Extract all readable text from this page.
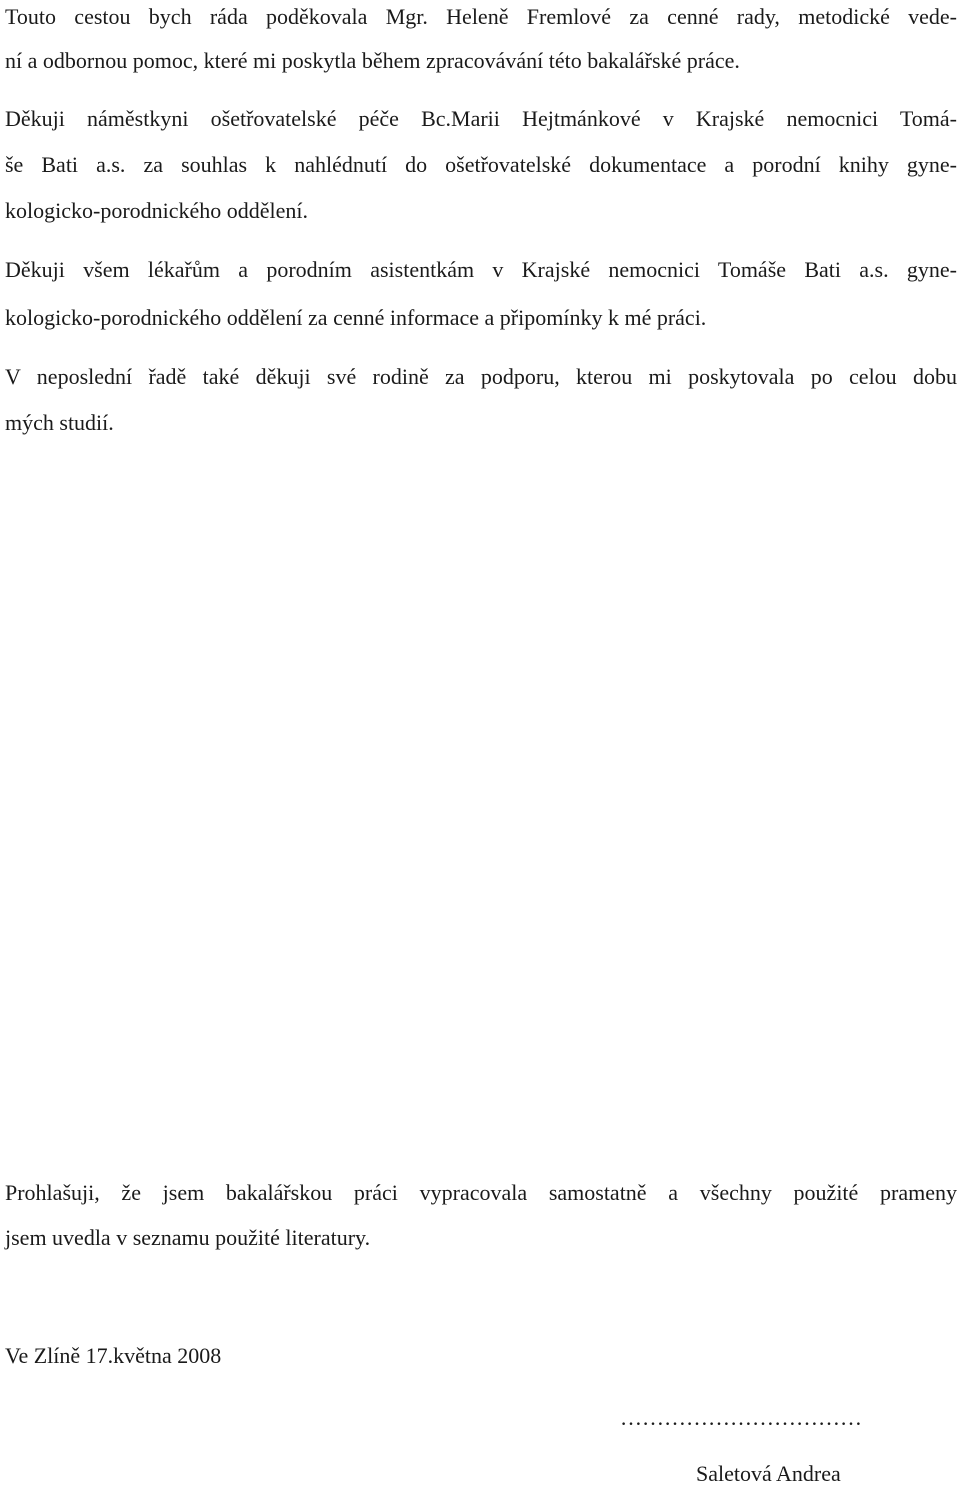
Touto cestou bych ráda poděkovala Mgr. Heleně Fremlové za cenné rady, metodické vede-
ní a odbornou pomoc, které mi poskytla během zpracovávání této bakalářské práce.
Děkuji náměstkyni ošetřovatelské péče Bc.Marii Hejtmánkové v Krajské nemocnici Tomá-
še Bati a.s. za souhlas k nahlédnutí do ošetřovatelské dokumentace a porodní knihy gyne-
kologicko-porodnického oddělení.
Děkuji všem lékařům a porodním asistentkám v Krajské nemocnici Tomáše Bati a.s. gyne-
kologicko-porodnického oddělení za cenné informace a připomínky k mé práci.
V neposlední řadě také děkuji své rodině za podporu, kterou mi poskytovala po celou dobu
mých studií.
Prohlašuji, že jsem bakalářskou práci vypracovala samostatně a všechny použité prameny
jsem uvedla v seznamu použité literatury.
Ve Zlíně 17.května 2008
……………………………
Saletová Andrea
